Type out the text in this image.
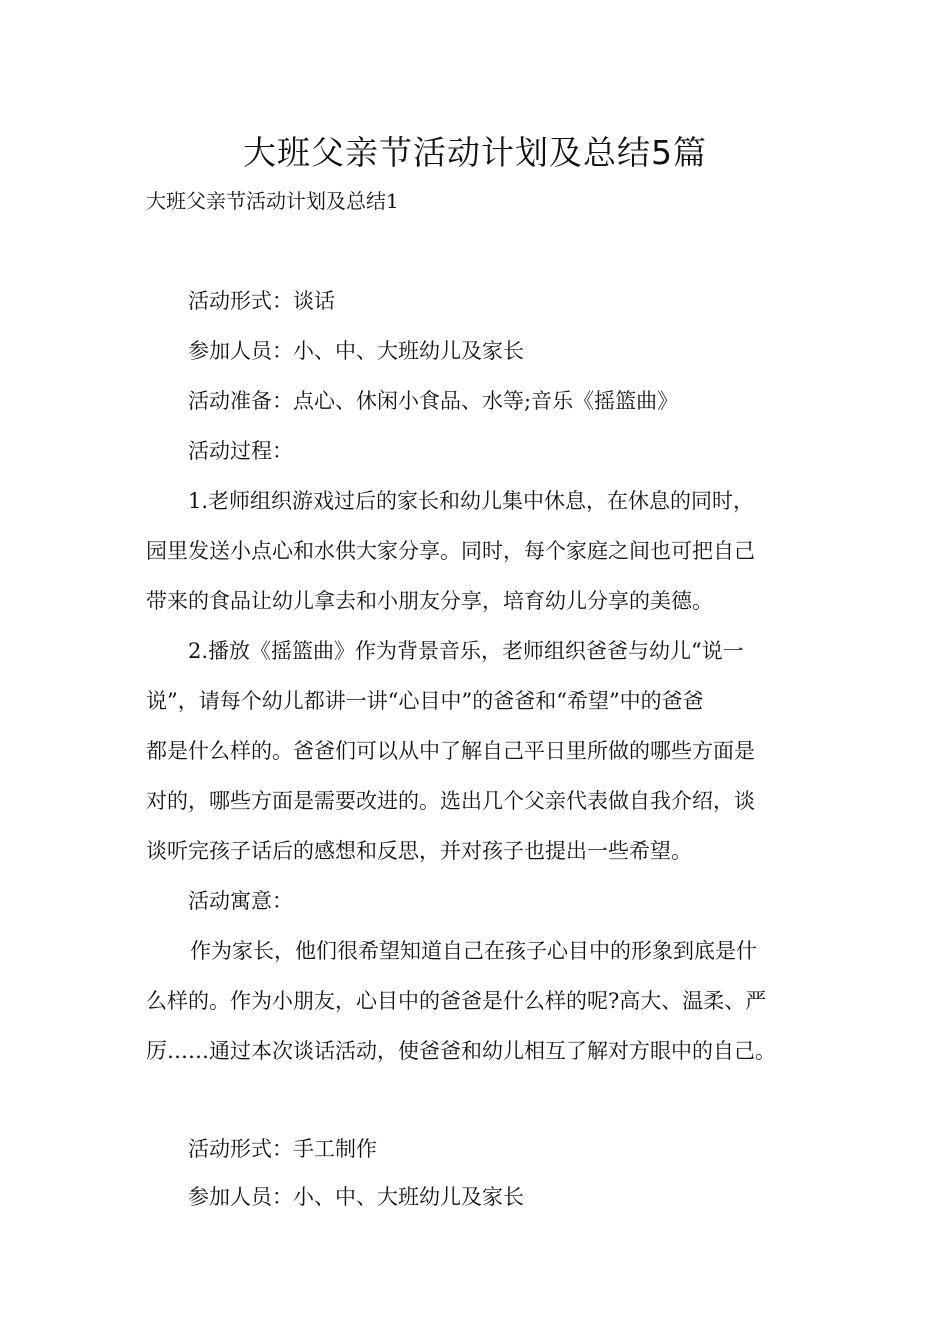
大班父亲节活动计划及总结5篇
大班父亲节活动计划及总结1
活动形式：谈话
参加人员：小、中、大班幼儿及家长
活动准备：点心、休闲小食品、水等;音乐《摇篮曲》
活动过程：
1.老师组织游戏过后的家长和幼儿集中休息，在休息的同时，
园里发送小点心和水供大家分享。同时，每个家庭之间也可把自己
带来的食品让幼儿拿去和小朋友分享，培育幼儿分享的美德。
2.播放《摇篮曲》作为背景音乐，老师组织爸爸与幼儿“说一
说”，请每个幼儿都讲一讲“心目中”的爸爸和“希望”中的爸爸
都是什么样的。爸爸们可以从中了解自己平日里所做的哪些方面是
对的，哪些方面是需要改进的。选出几个父亲代表做自我介绍，谈
谈听完孩子话后的感想和反思，并对孩子也提出一些希望。
活动寓意：
作为家长，他们很希望知道自己在孩子心目中的形象到底是什
么样的。作为小朋友，心目中的爸爸是什么样的呢?高大、温柔、严
厉……通过本次谈话活动，使爸爸和幼儿相互了解对方眼中的自己。
活动形式：手工制作
参加人员：小、中、大班幼儿及家长
